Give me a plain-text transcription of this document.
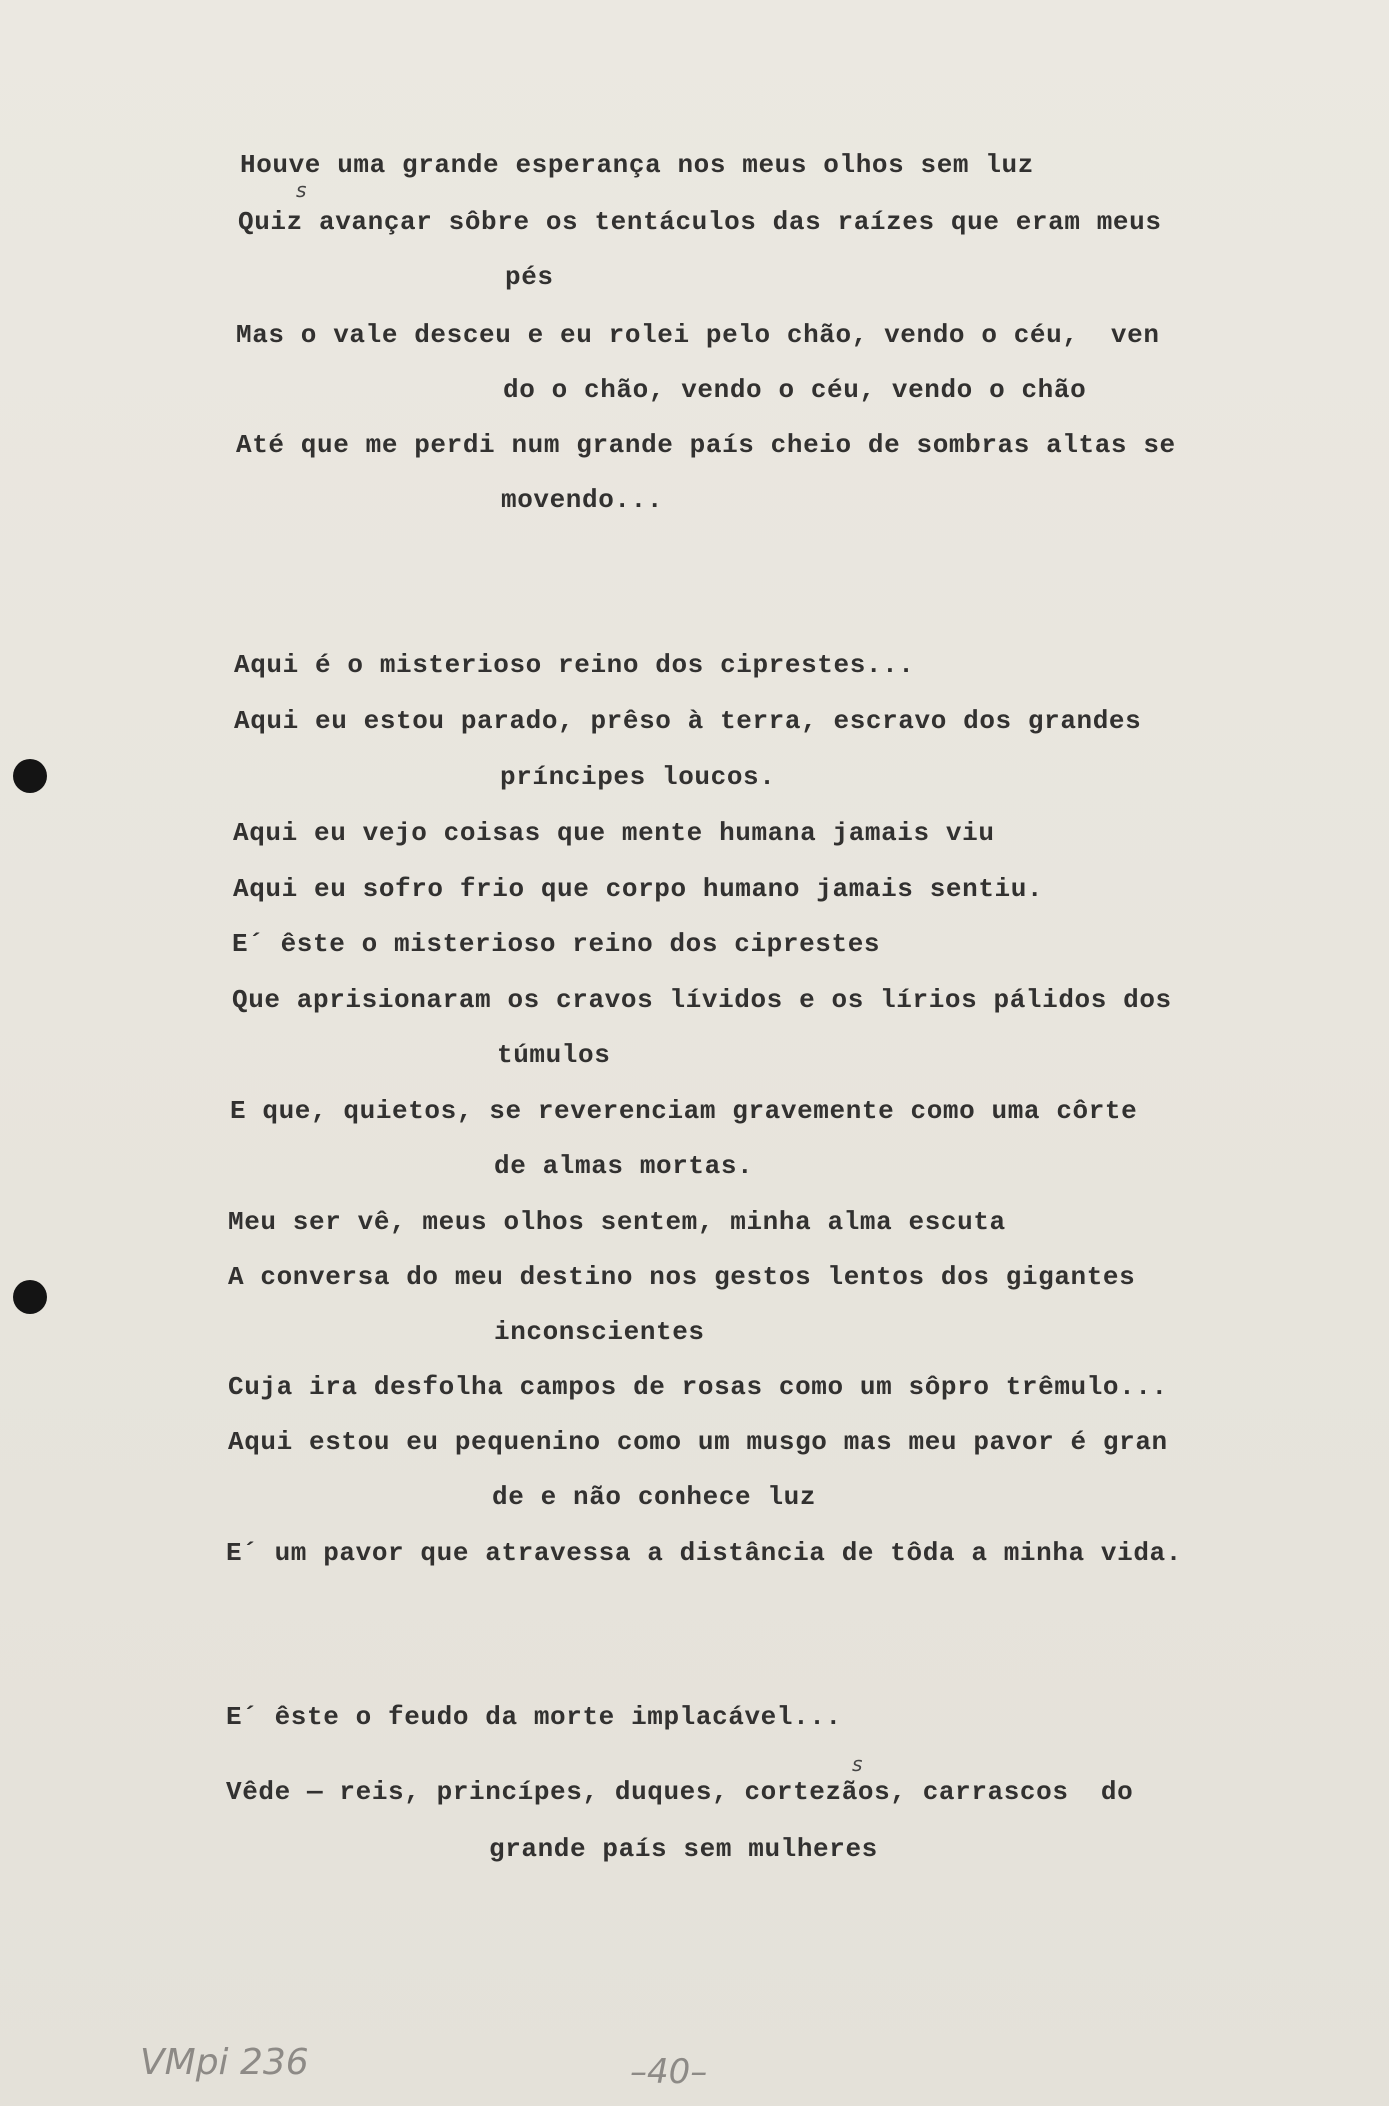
Houve uma grande esperança nos meus olhos sem luz
Quiz avançar sôbre os tentáculos das raízes que eram meus
s
pés
Mas o vale desceu e eu rolei pelo chão, vendo o céu,  ven
do o chão, vendo o céu, vendo o chão
Até que me perdi num grande país cheio de sombras altas se
movendo...
Aqui é o misterioso reino dos ciprestes...
Aqui eu estou parado, prêso à terra, escravo dos grandes
príncipes loucos.
Aqui eu vejo coisas que mente humana jamais viu
Aqui eu sofro frio que corpo humano jamais sentiu.
E´ êste o misterioso reino dos ciprestes
Que aprisionaram os cravos lívidos e os lírios pálidos dos
túmulos
E que, quietos, se reverenciam gravemente como uma côrte
de almas mortas.
Meu ser vê, meus olhos sentem, minha alma escuta
A conversa do meu destino nos gestos lentos dos gigantes
inconscientes
Cuja ira desfolha campos de rosas como um sôpro trêmulo...
Aqui estou eu pequenino como um musgo mas meu pavor é gran
de e não conhece luz
E´ um pavor que atravessa a distância de tôda a minha vida.
E´ êste o feudo da morte implacável...
Vêde — reis, princípes, duques, cortezãos, carrascos  do
s
grande país sem mulheres
VMpi 236	–40–
